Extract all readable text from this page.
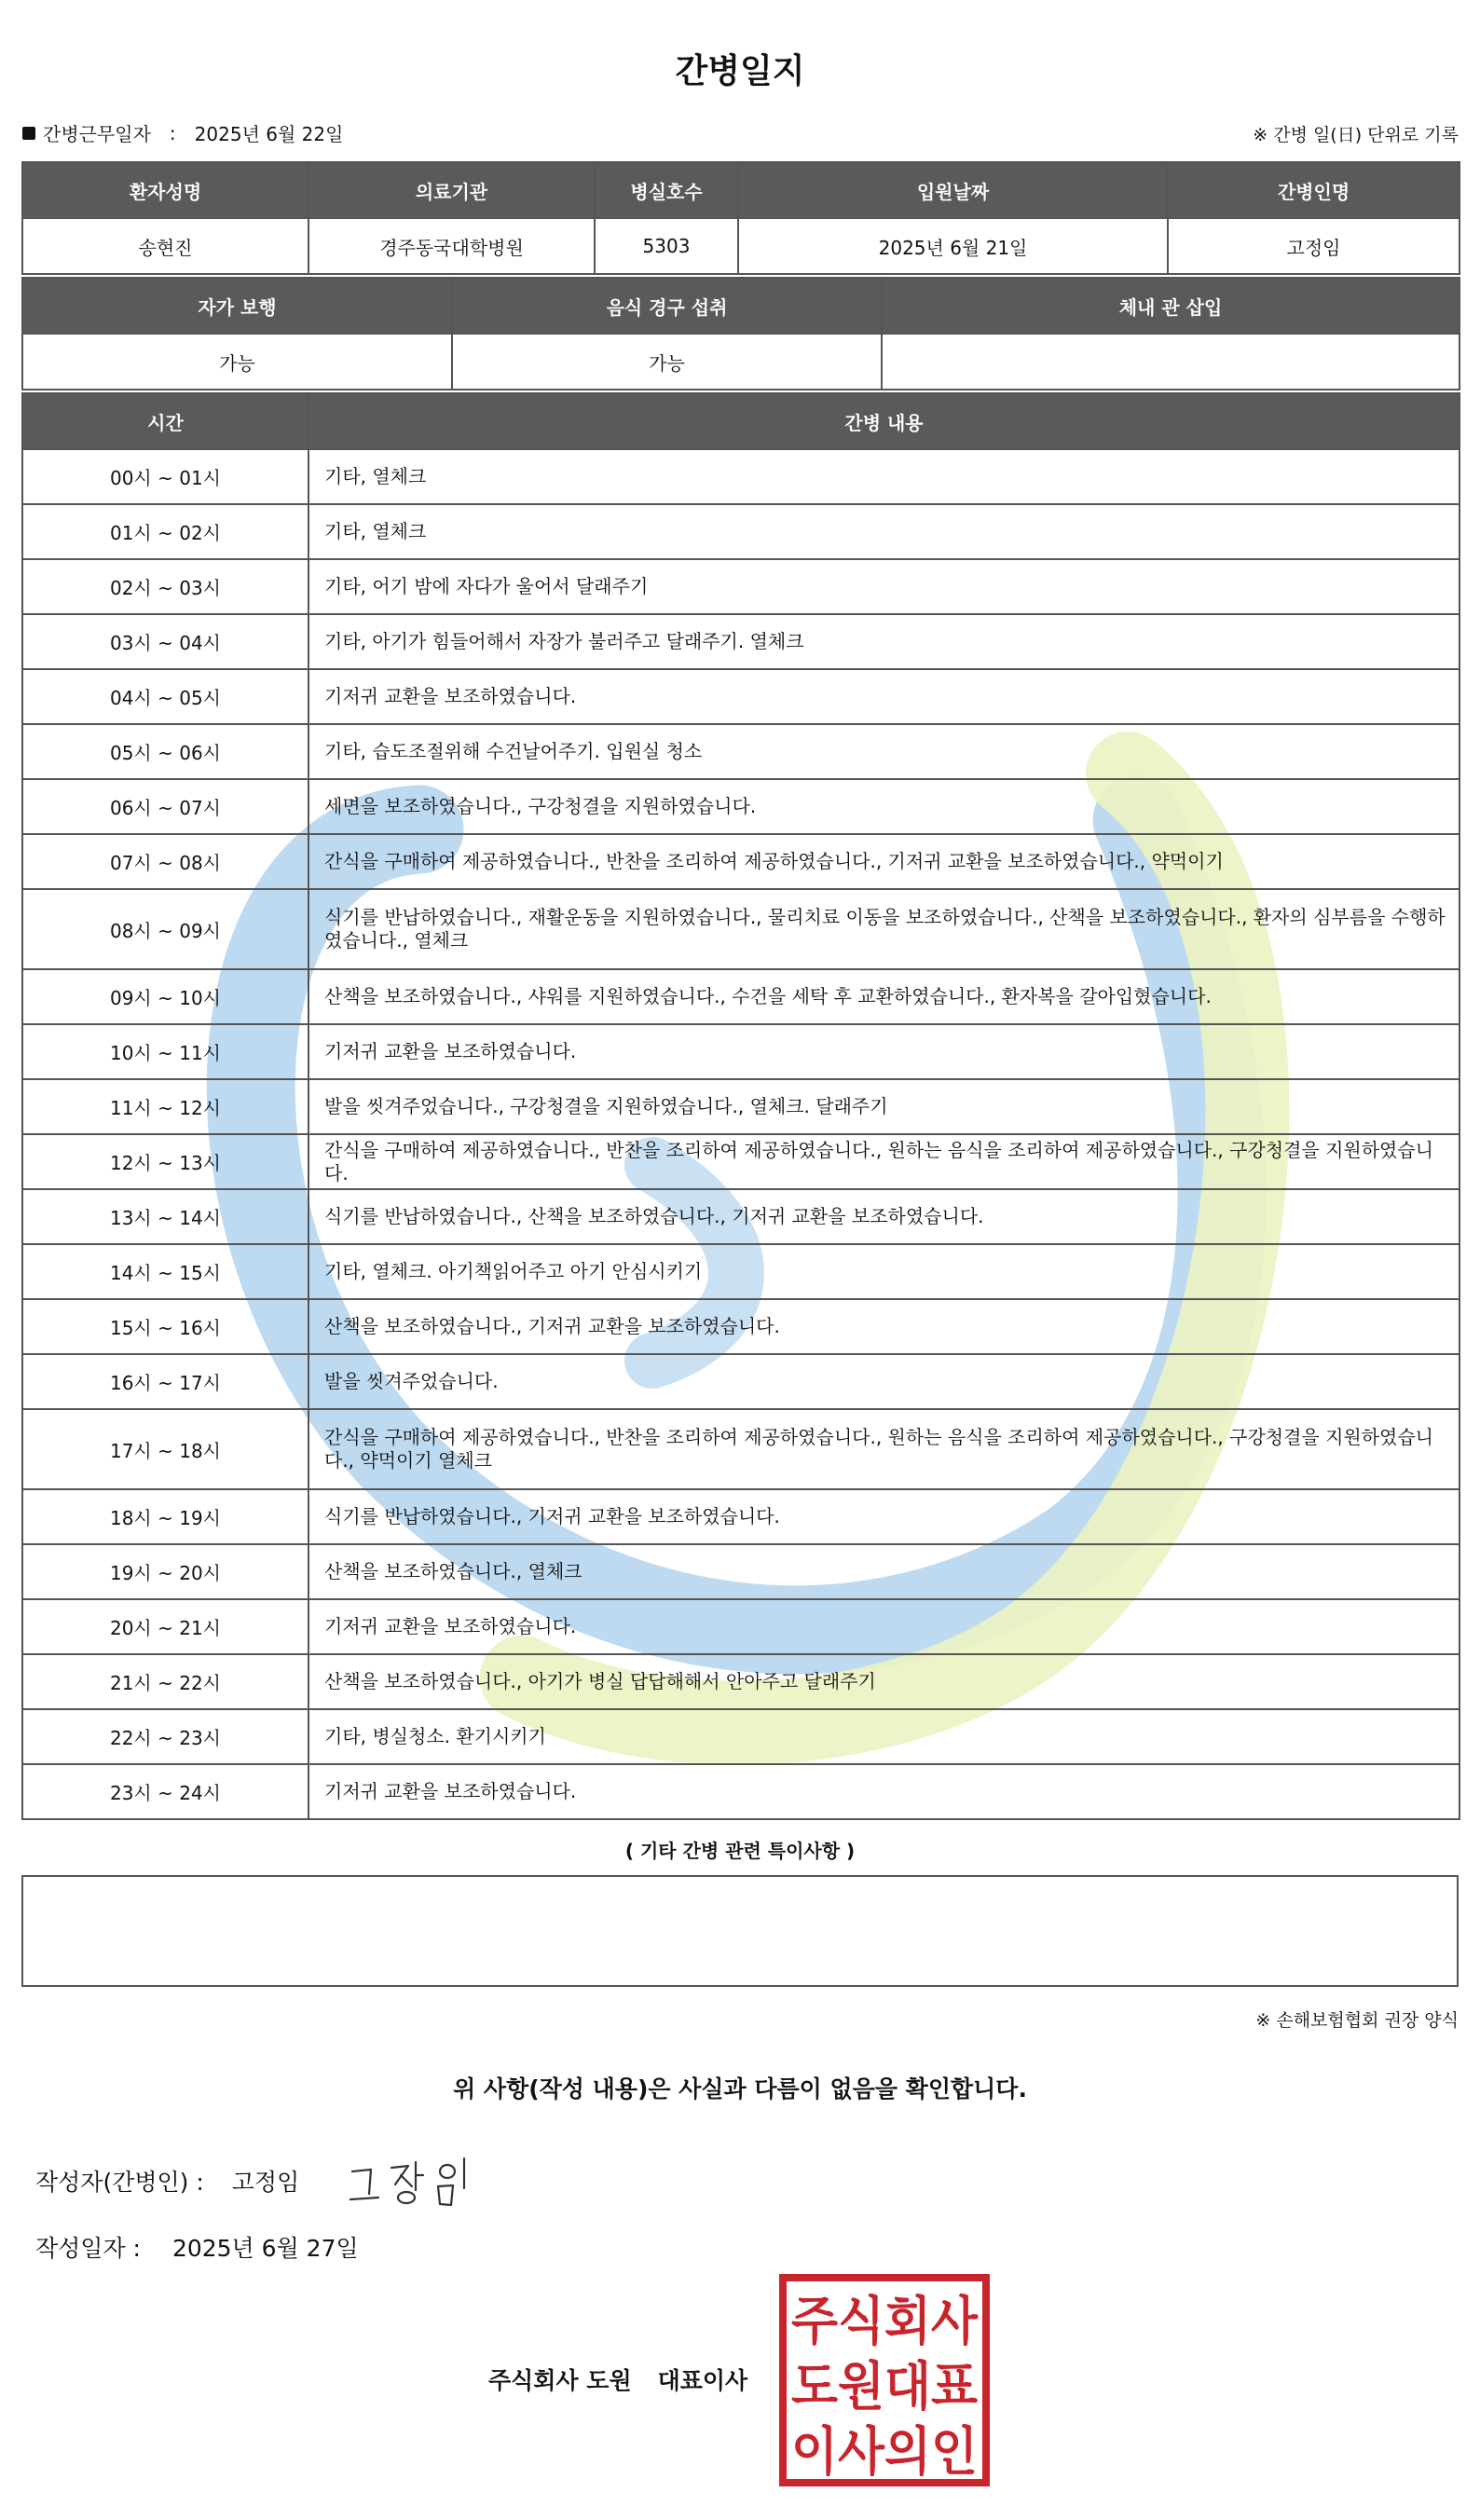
간병일지
간병근무일자 : 2025년 6월 22일	※ 간병 일(日) 단위로 기록
환자성명	의료기관	병실호수	입원날짜	간병인명
송현진	경주동국대학병원	5303	2025년 6월 21일	고정임
자가 보행	음식 경구 섭취	체내 관 삽입
가능	가능	
시간	간병 내용
00시 ~ 01시	기타, 열체크
01시 ~ 02시	기타, 열체크
02시 ~ 03시	기타, 어기 밤에 자다가 울어서 달래주기
03시 ~ 04시	기타, 아기가 힘들어해서 자장가 불러주고 달래주기. 열체크
04시 ~ 05시	기저귀 교환을 보조하였습니다.
05시 ~ 06시	기타, 습도조절위해 수건날어주기. 입원실 청소
06시 ~ 07시	세면을 보조하였습니다., 구강청결을 지원하였습니다.
07시 ~ 08시	간식을 구매하여 제공하였습니다., 반찬을 조리하여 제공하였습니다., 기저귀 교환을 보조하였습니다., 약먹이기
08시 ~ 09시	식기를 반납하였습니다., 재활운동을 지원하였습니다., 물리치료 이동을 보조하였습니다., 산책을 보조하였습니다., 환자의 심부름을 수행하였습니다., 열체크
09시 ~ 10시	산책을 보조하였습니다., 샤워를 지원하였습니다., 수건을 세탁 후 교환하였습니다., 환자복을 갈아입혔습니다.
10시 ~ 11시	기저귀 교환을 보조하였습니다.
11시 ~ 12시	발을 씻겨주었습니다., 구강청결을 지원하였습니다., 열체크. 달래주기
12시 ~ 13시	간식을 구매하여 제공하였습니다., 반찬을 조리하여 제공하였습니다., 원하는 음식을 조리하여 제공하였습니다., 구강청결을 지원하였습니다.
13시 ~ 14시	식기를 반납하였습니다., 산책을 보조하였습니다., 기저귀 교환을 보조하였습니다.
14시 ~ 15시	기타, 열체크. 아기책읽어주고 아기 안심시키기
15시 ~ 16시	산책을 보조하였습니다., 기저귀 교환을 보조하였습니다.
16시 ~ 17시	발을 씻겨주었습니다.
17시 ~ 18시	간식을 구매하여 제공하였습니다., 반찬을 조리하여 제공하였습니다., 원하는 음식을 조리하여 제공하였습니다., 구강청결을 지원하였습니다., 약먹이기 열체크
18시 ~ 19시	식기를 반납하였습니다., 기저귀 교환을 보조하였습니다.
19시 ~ 20시	산책을 보조하였습니다., 열체크
20시 ~ 21시	기저귀 교환을 보조하였습니다.
21시 ~ 22시	산책을 보조하였습니다., 아기가 병실 답답해해서 안아주고 달래주기
22시 ~ 23시	기타, 병실청소. 환기시키기
23시 ~ 24시	기저귀 교환을 보조하였습니다.
( 기타 간병 관련 특이사항 )
※ 손해보험협회 권장 양식
위 사항(작성 내용)은 사실과 다름이 없음을 확인합니다.
작성자(간병인) : 고정임
작성일자 : 2025년 6월 27일
주식회사 도원 대표이사
주식회사
도원대표
이사의인
